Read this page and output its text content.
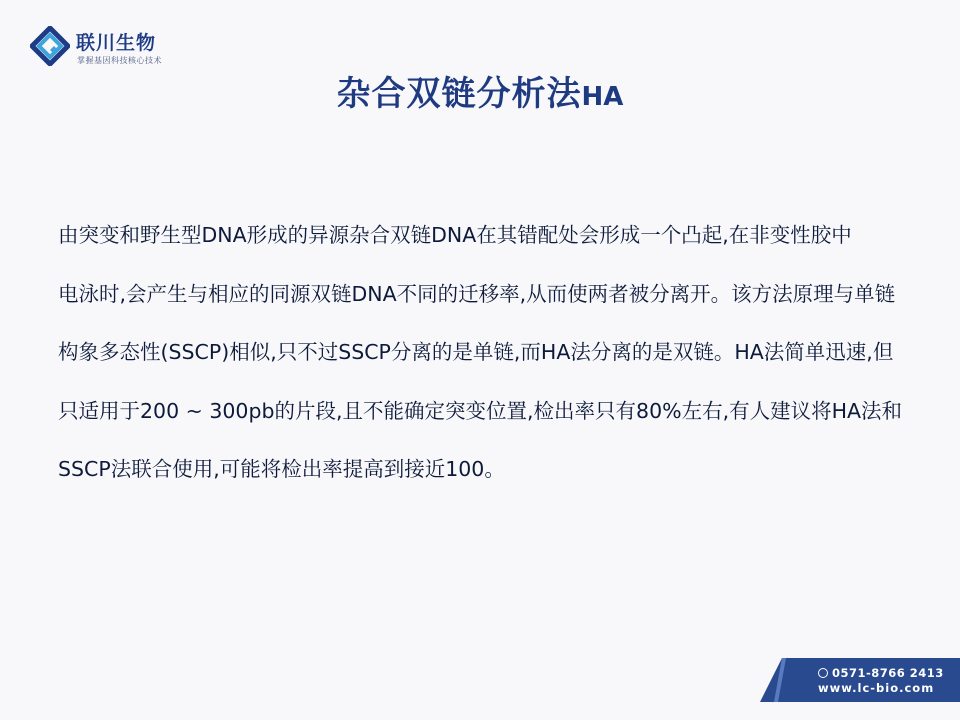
联川生物
掌握基因科技核心技术
杂合双链分析法HA

由突变和野生型DNA形成的异源杂合双链DNA在其错配处会形成一个凸起,在非变性胶中

电泳时,会产生与相应的同源双链DNA不同的迁移率,从而使两者被分离开。该方法原理与单链构象多态性(SSCP)相似,只不过SSCP分离的是单链,而HA法分离的是双链。HA法简单迅速,但只适用于200 ~ 300pb的片段,且不能确定突变位置,检出率只有80%左右,有人建议将HA法和SSCP法联合使用,可能将检出率提高到接近100。

0571-8766 2413
www.lc-bio.com
